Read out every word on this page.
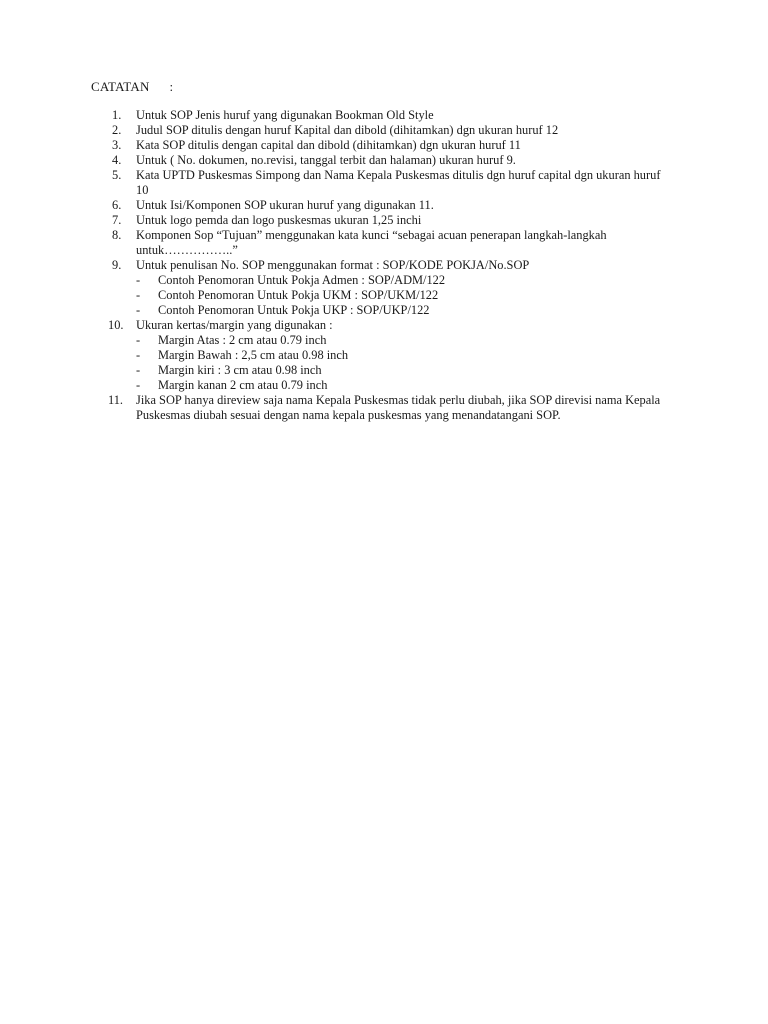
CATATAN :
1.	Untuk SOP Jenis huruf yang digunakan Bookman Old Style
2.	Judul SOP ditulis dengan huruf Kapital dan dibold (dihitamkan) dgn ukuran huruf 12
3.	Kata SOP ditulis dengan capital dan dibold (dihitamkan) dgn ukuran huruf 11
4.	Untuk ( No. dokumen, no.revisi, tanggal terbit dan halaman) ukuran huruf 9.
5.	Kata UPTD Puskesmas Simpong dan Nama Kepala Puskesmas ditulis dgn huruf capital dgn ukuran huruf 10
6.	Untuk Isi/Komponen SOP ukuran huruf yang digunakan 11.
7.	Untuk logo pemda dan logo puskesmas ukuran 1,25 inchi
8.	Komponen Sop “Tujuan” menggunakan kata kunci “sebagai acuan penerapan langkah-langkah untuk……………..”
9.	Untuk penulisan No. SOP menggunakan format : SOP/KODE POKJA/No.SOP
- Contoh Penomoran Untuk Pokja Admen : SOP/ADM/122
- Contoh Penomoran Untuk Pokja UKM : SOP/UKM/122
- Contoh Penomoran Untuk Pokja UKP : SOP/UKP/122
10.	Ukuran kertas/margin yang digunakan :
- Margin Atas : 2 cm atau 0.79 inch
- Margin Bawah : 2,5 cm atau 0.98 inch
- Margin kiri : 3 cm atau 0.98 inch
- Margin kanan 2 cm atau 0.79 inch
11.	Jika SOP hanya direview saja nama Kepala Puskesmas tidak perlu diubah, jika SOP direvisi nama Kepala Puskesmas diubah sesuai dengan nama kepala puskesmas yang menandatangani SOP.
